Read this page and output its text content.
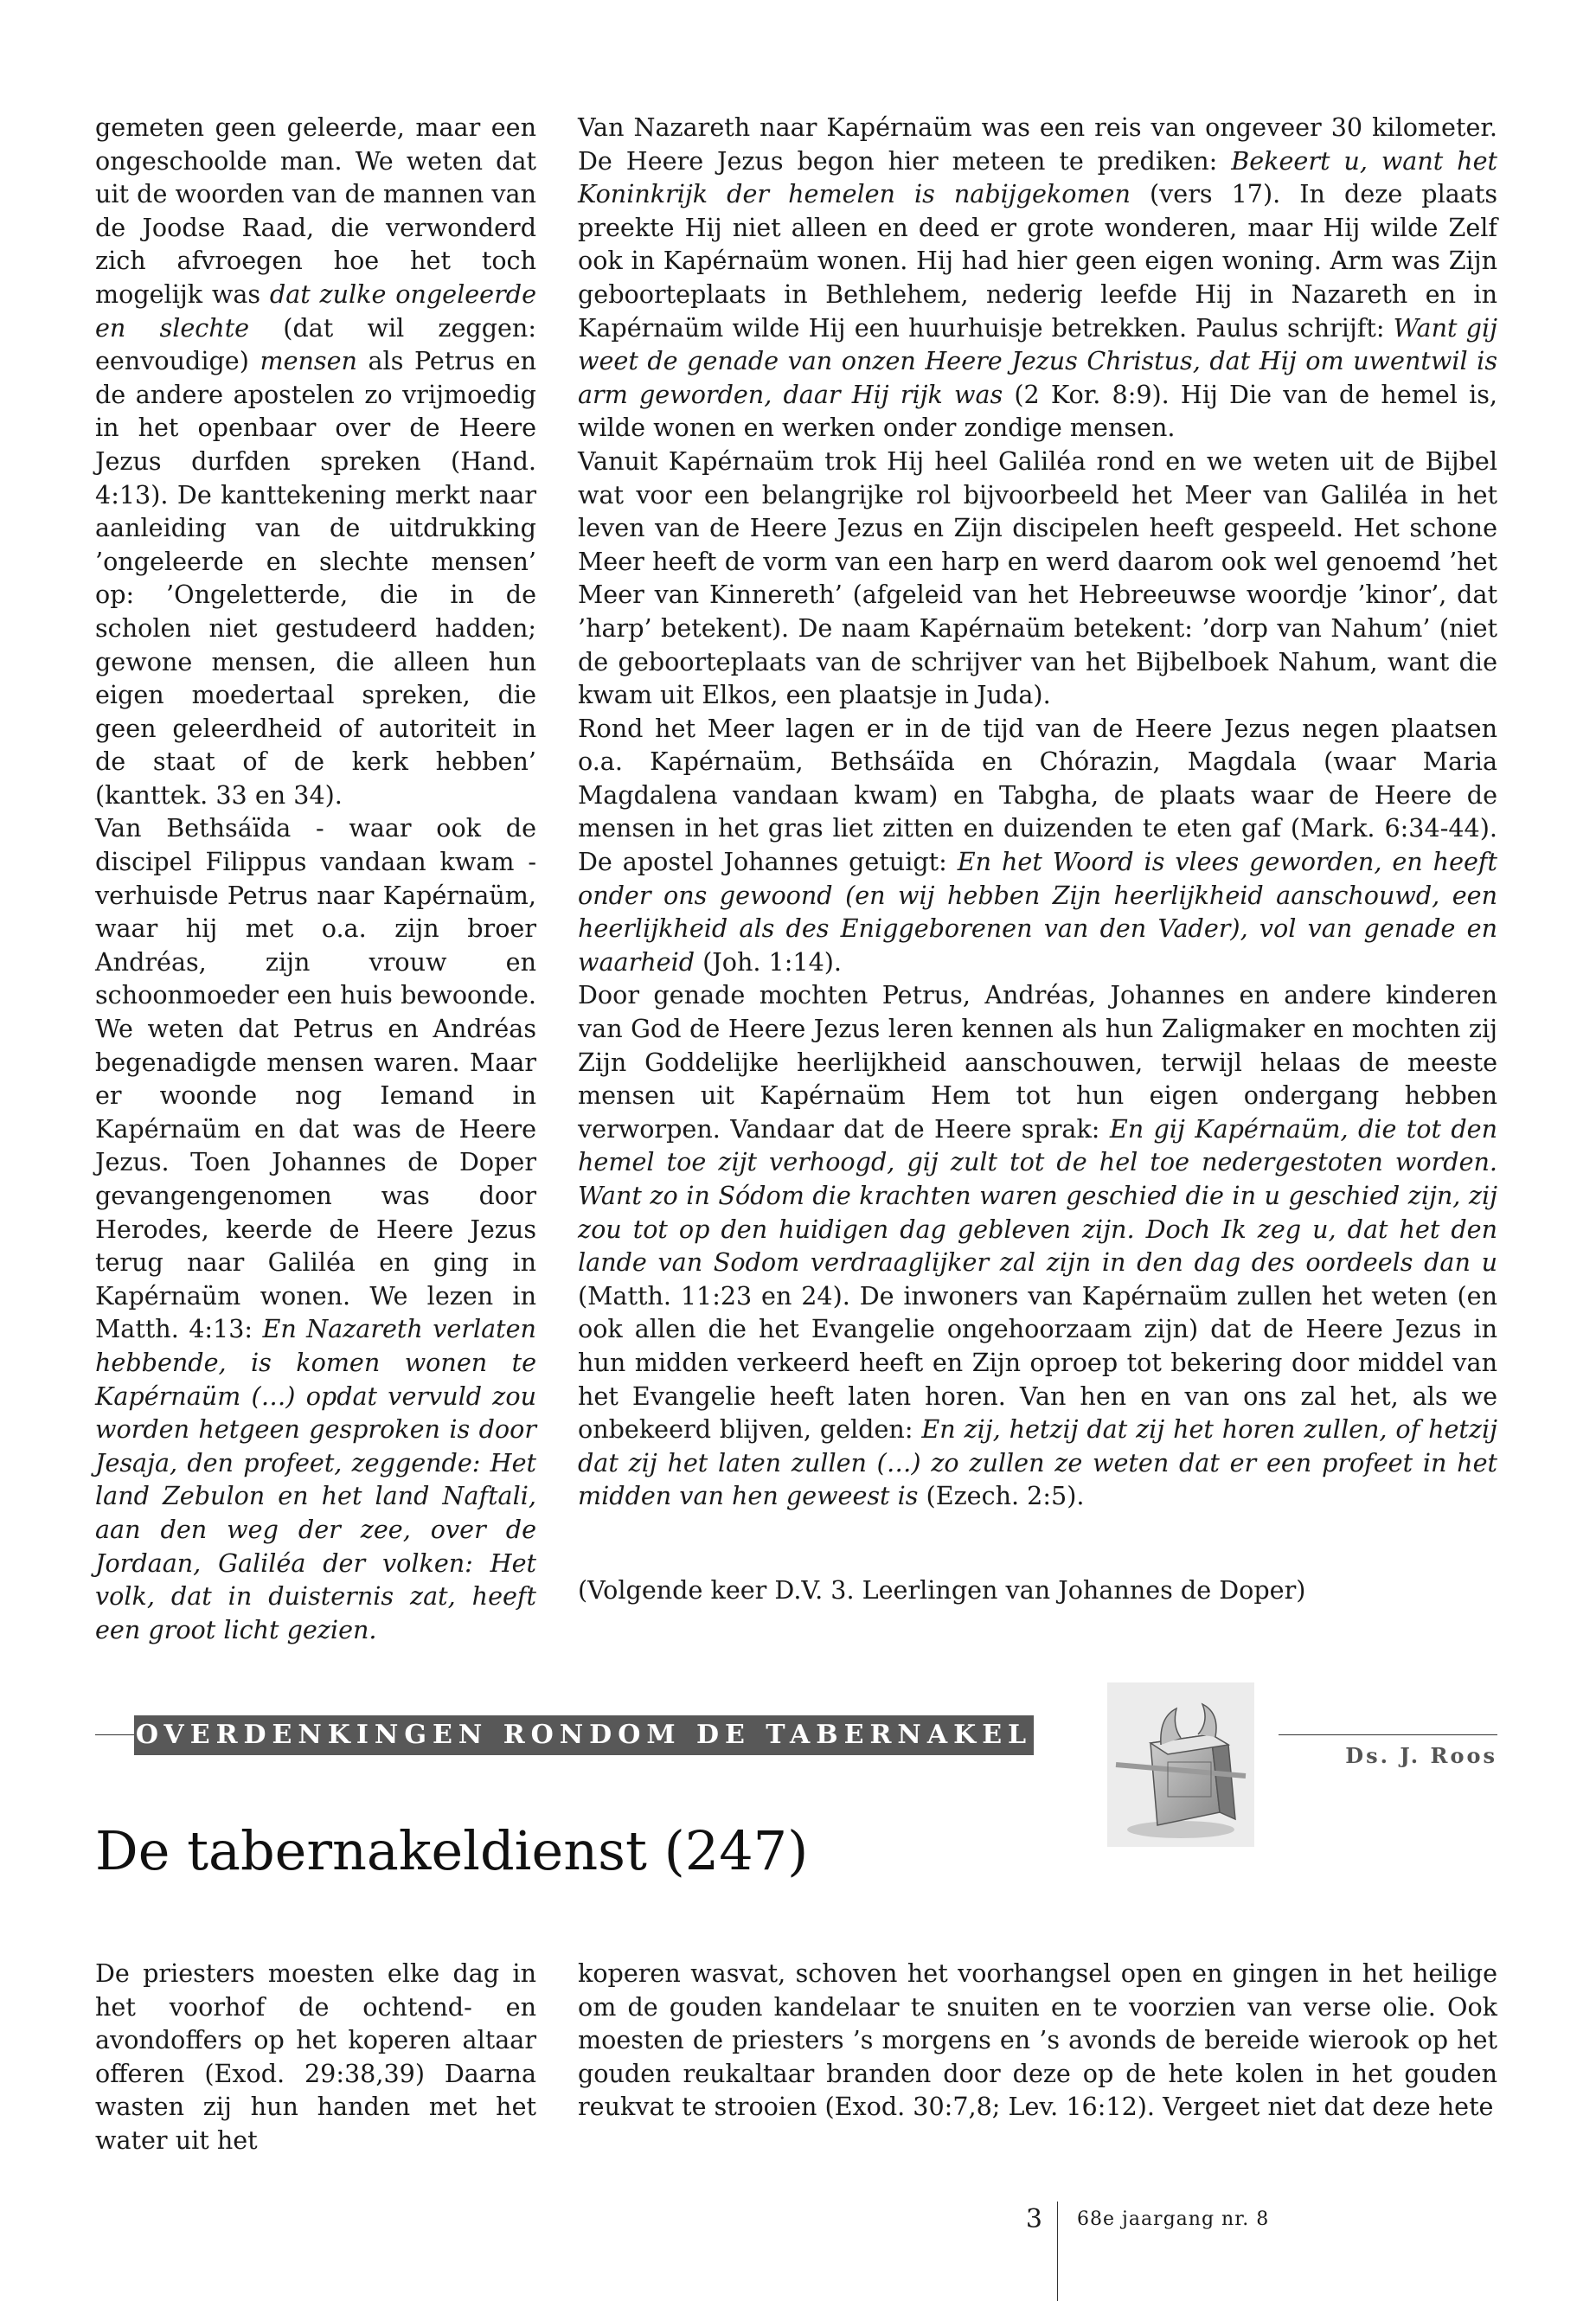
gemeten geen geleerde, maar een ongeschoolde man. We weten dat uit de woorden van de mannen van de Joodse Raad, die verwonderd zich afvroegen hoe het toch mogelijk was dat zulke ongeleerde en slechte (dat wil zeggen: eenvoudige) mensen als Petrus en de andere apostelen zo vrijmoedig in het openbaar over de Heere Jezus durfden spreken (Hand. 4:13). De kanttekening merkt naar aanleiding van de uitdrukking ’ongeleerde en slechte mensen’ op: ’Ongeletterde, die in de scholen niet gestudeerd hadden; gewone mensen, die alleen hun eigen moedertaal spreken, die geen geleerdheid of autoriteit in de staat of de kerk hebben’ (kanttek. 33 en 34).

Van Bethsáïda - waar ook de discipel Filippus vandaan kwam - verhuisde Petrus naar Kapérnaüm, waar hij met o.a. zijn broer Andréas, zijn vrouw en schoonmoeder een huis bewoonde. We weten dat Petrus en Andréas begenadigde mensen waren. Maar er woonde nog Iemand in Kapérnaüm en dat was de Heere Jezus. Toen Johannes de Doper gevangengenomen was door Herodes, keerde de Heere Jezus terug naar Galiléa en ging in Kapérnaüm wonen. We lezen in Matth. 4:13: En Nazareth verlaten hebbende, is komen wonen te Kapérnaüm (…) opdat vervuld zou worden hetgeen gesproken is door Jesaja, den profeet, zeggende: Het land Zebulon en het land Naftali, aan den weg der zee, over de Jordaan, Galiléa der volken: Het volk, dat in duisternis zat, heeft een groot licht gezien.

Van Nazareth naar Kapérnaüm was een reis van ongeveer 30 kilometer. De Heere Jezus begon hier meteen te prediken: Bekeert u, want het Koninkrijk der hemelen is nabijgekomen (vers 17). In deze plaats preekte Hij niet alleen en deed er grote wonderen, maar Hij wilde Zelf ook in Kapérnaüm wonen. Hij had hier geen eigen woning. Arm was Zijn geboorteplaats in Bethlehem, nederig leefde Hij in Nazareth en in Kapérnaüm wilde Hij een huurhuisje betrekken. Paulus schrijft: Want gij weet de genade van onzen Heere Jezus Christus, dat Hij om uwentwil is arm geworden, daar Hij rijk was (2 Kor. 8:9). Hij Die van de hemel is, wilde wonen en werken onder zondige mensen.

Vanuit Kapérnaüm trok Hij heel Galiléa rond en we weten uit de Bijbel wat voor een belangrijke rol bijvoorbeeld het Meer van Galiléa in het leven van de Heere Jezus en Zijn discipelen heeft gespeeld. Het schone Meer heeft de vorm van een harp en werd daarom ook wel genoemd ’het Meer van Kinnereth’ (afgeleid van het Hebreeuwse woordje ’kinor’, dat ’harp’ betekent). De naam Kapérnaüm betekent: ’dorp van Nahum’ (niet de geboorteplaats van de schrijver van het Bijbelboek Nahum, want die kwam uit Elkos, een plaatsje in Juda).

Rond het Meer lagen er in de tijd van de Heere Jezus negen plaatsen o.a. Kapérnaüm, Bethsáïda en Chórazin, Magdala (waar Maria Magdalena vandaan kwam) en Tabgha, de plaats waar de Heere de mensen in het gras liet zitten en duizenden te eten gaf (Mark. 6:34-44). De apostel Johannes getuigt: En het Woord is vlees geworden, en heeft onder ons gewoond (en wij hebben Zijn heerlijkheid aanschouwd, een heerlijkheid als des Eniggeborenen van den Vader), vol van genade en waarheid (Joh. 1:14).

Door genade mochten Petrus, Andréas, Johannes en andere kinderen van God de Heere Jezus leren kennen als hun Zaligmaker en mochten zij Zijn Goddelijke heerlijkheid aanschouwen, terwijl helaas de meeste mensen uit Kapérnaüm Hem tot hun eigen ondergang hebben verworpen. Vandaar dat de Heere sprak: En gij Kapérnaüm, die tot den hemel toe zijt verhoogd, gij zult tot de hel toe nedergestoten worden. Want zo in Sódom die krachten waren geschied die in u geschied zijn, zij zou tot op den huidigen dag gebleven zijn. Doch Ik zeg u, dat het den lande van Sodom verdraaglijker zal zijn in den dag des oordeels dan u (Matth. 11:23 en 24). De inwoners van Kapérnaüm zullen het weten (en ook allen die het Evangelie ongehoorzaam zijn) dat de Heere Jezus in hun midden verkeerd heeft en Zijn oproep tot bekering door middel van het Evangelie heeft laten horen. Van hen en van ons zal het, als we onbekeerd blijven, gelden: En zij, hetzij dat zij het horen zullen, of hetzij dat zij het laten zullen (…) zo zullen ze weten dat er een profeet in het midden van hen geweest is (Ezech. 2:5).

(Volgende keer D.V. 3. Leerlingen van Johannes de Doper)
OVERDENKINGEN RONDOM DE TABERNAKEL
Ds. J. Roos
De tabernakeldienst (247)

De priesters moesten elke dag in het voorhof de ochtend- en avondoffers op het koperen altaar offeren (Exod. 29:38,39) Daarna wasten zij hun handen met het water uit het

koperen wasvat, schoven het voorhangsel open en gingen in het heilige om de gouden kandelaar te snuiten en te voorzien van verse olie. Ook moesten de priesters ’s morgens en ’s avonds de bereide wierook op het gouden reukaltaar branden door deze op de hete kolen in het gouden reukvat te strooien (Exod. 30:7,8; Lev. 16:12). Vergeet niet dat deze hete

3 68e jaargang nr. 8
